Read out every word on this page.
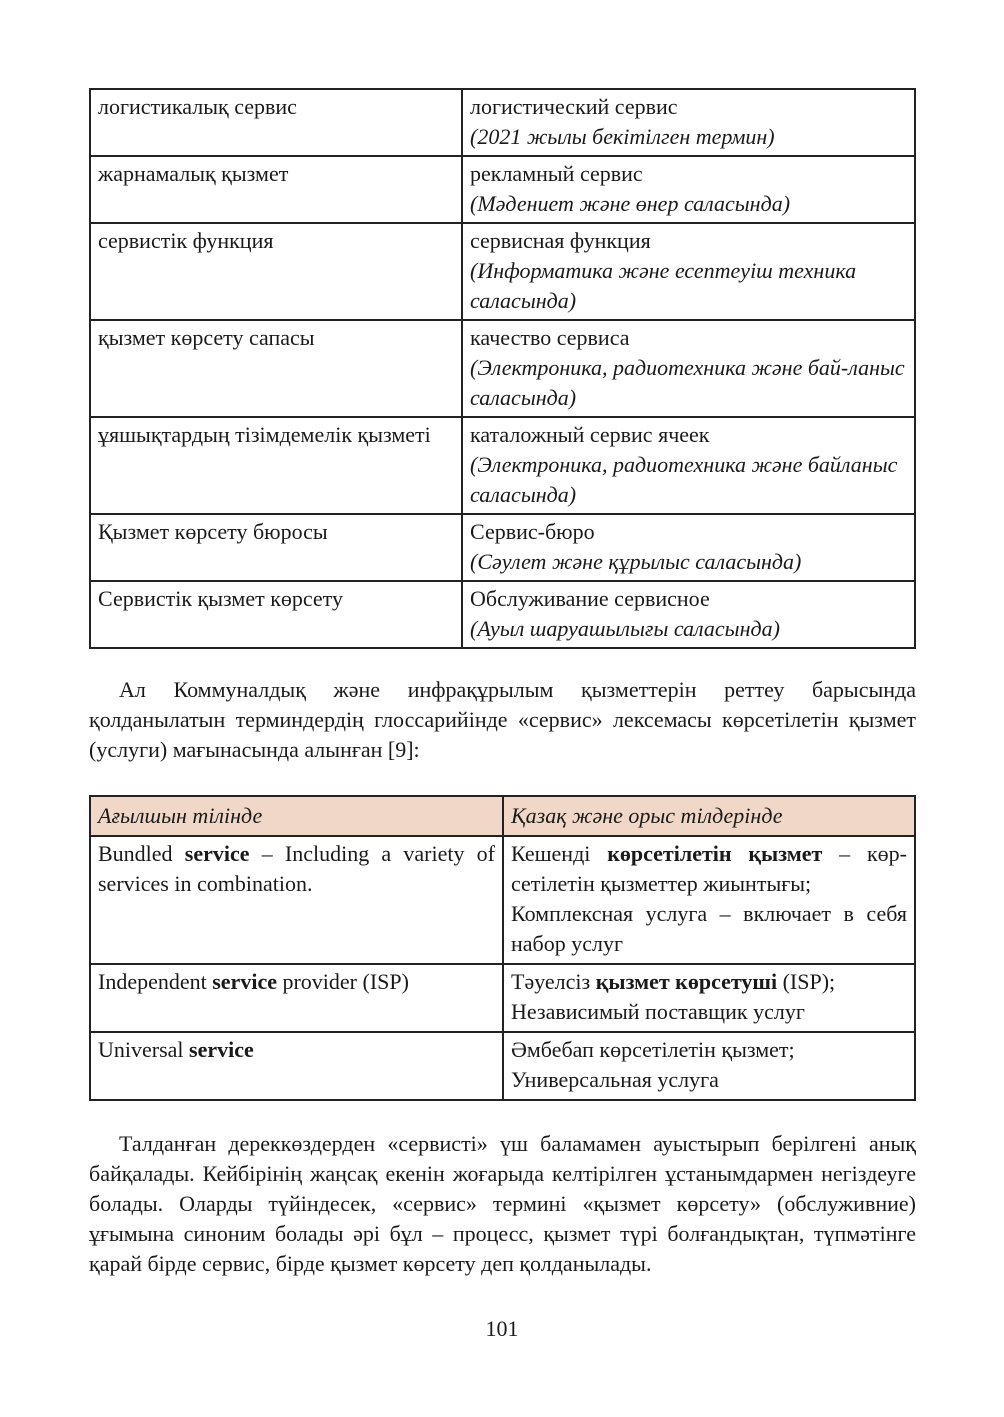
логистикалық сервис	логистический сервис
(2021 жылы бекітілген термин)

жарнамалық қызмет	рекламный сервис
(Мәдениет және өнер саласында)

сервистік функция	сервисная функция
(Информатика және есептеуіш техника саласында)

қызмет көрсету сапасы	качество сервиса
(Электроника, радиотехника және бай-ланыс саласында)

ұяшықтардың тізімдемелік қызметі	каталожный сервис ячеек
(Электроника, радиотехника және байланыс саласында)

Қызмет көрсету бюросы	Сервис-бюро
(Сәулет және құрылыс саласында)

Сервистік қызмет көрсету	Обслуживание сервисное
(Ауыл шаруашылығы саласында)

Ал Коммуналдық және инфрақұрылым қызметтерін реттеу барысында қолданылатын терминдердің глоссарийінде «сервис» лексемасы көрсетілетін қызмет (услуги) мағынасында алынған [9]:

Ағылшын тілінде	Қазақ және орыс тілдерінде
Bundled service – Including a variety of services in combination.	Кешенді көрсетілетін қызмет – көр-сетілетін қызметтер жиынтығы;
Комплексная услуга – включает в себя набор услуг

Independent service provider (ISP)	Тәуелсіз қызмет көрсетуші (ISP);
Независимый поставщик услуг

Universal service	Әмбебап көрсетілетін қызмет;
Универсальная услуга

Талданған дереккөздерден «сервисті» үш баламамен ауыстырып берілгені анық байқалады. Кейбірінің жаңсақ екенін жоғарыда келтірілген ұстанымдармен негіздеуге болады. Оларды түйіндесек, «сервис» термині «қызмет көрсету» (обслуживние) ұғымына синоним болады әрі бұл – процесс, қызмет түрі болғандықтан, түпмәтінге қарай бірде сервис, бірде қызмет көрсету деп қолданылады.

101
